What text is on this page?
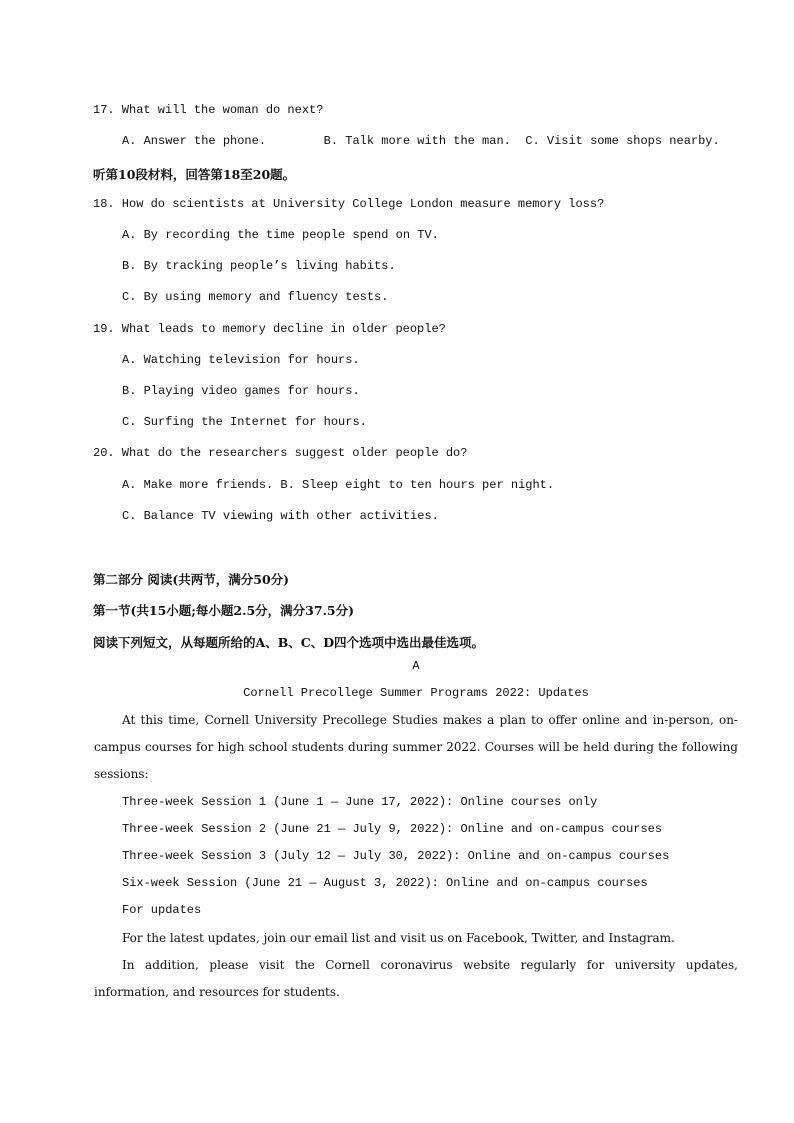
17. What will the woman do next?
A. Answer the phone.        B. Talk more with the man.  C. Visit some shops nearby.
听第10段材料，回答第18至20题。
18. How do scientists at University College London measure memory loss?
A. By recording the time people spend on TV.
B. By tracking people’s living habits.
C. By using memory and fluency tests.
19. What leads to memory decline in older people?
A. Watching television for hours.
B. Playing video games for hours.
C. Surfing the Internet for hours.
20. What do the researchers suggest older people do?
A. Make more friends. B. Sleep eight to ten hours per night.
C. Balance TV viewing with other activities.
第二部分 阅读(共两节，满分50分)
第一节(共15小题;每小题2.5分，满分37.5分)
阅读下列短文，从每题所给的A、B、C、D四个选项中选出最佳选项。
A
Cornell Precollege Summer Programs 2022: Updates
At this time, Cornell University Precollege Studies makes a plan to offer online and in-person, on-campus courses for high school students during summer 2022. Courses will be held during the following sessions:
Three-week Session 1 (June 1 — June 17, 2022): Online courses only
Three-week Session 2 (June 21 — July 9, 2022): Online and on-campus courses
Three-week Session 3 (July 12 — July 30, 2022): Online and on-campus courses
Six-week Session (June 21 — August 3, 2022): Online and on-campus courses
For updates
For the latest updates, join our email list and visit us on Facebook, Twitter, and Instagram.
In addition, please visit the Cornell coronavirus website regularly for university updates, information, and resources for students.
